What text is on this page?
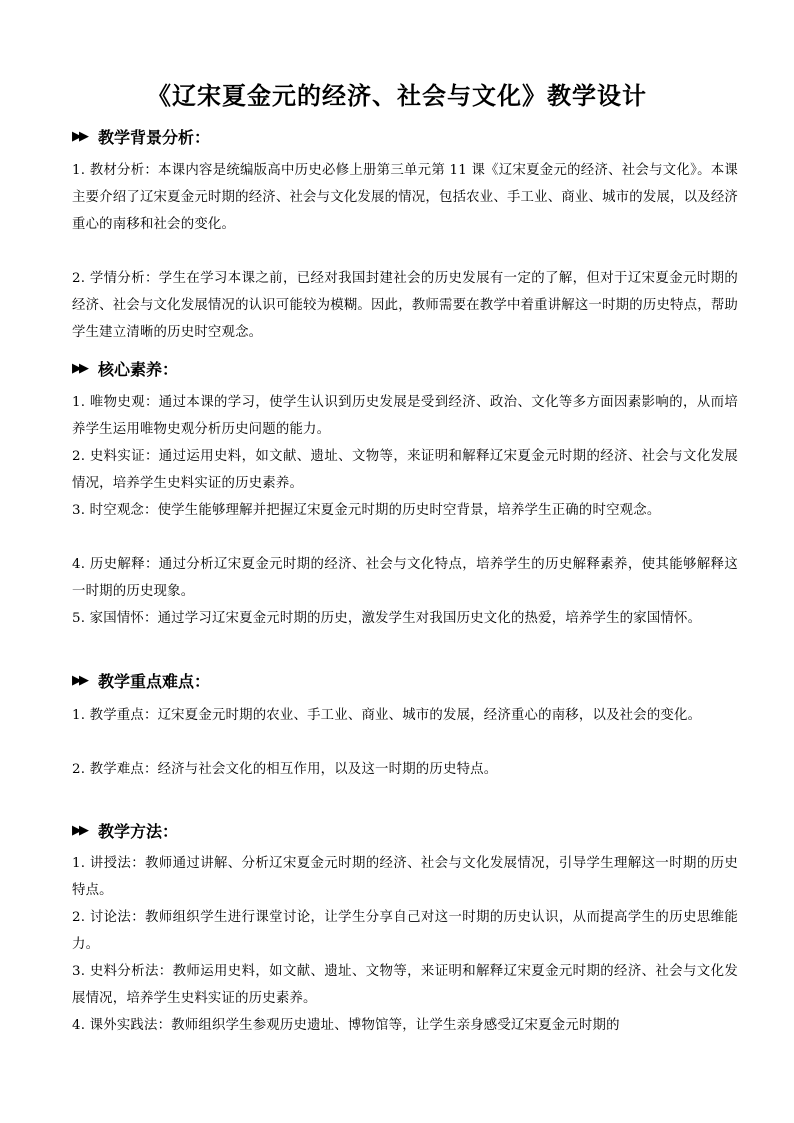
《辽宋夏金元的经济、社会与文化》教学设计
▶▶ 教学背景分析：
1. 教材分析：本课内容是统编版高中历史必修上册第三单元第 11 课《辽宋夏金元的经济、社会与文化》。本课主要介绍了辽宋夏金元时期的经济、社会与文化发展的情况，包括农业、手工业、商业、城市的发展，以及经济重心的南移和社会的变化。
2. 学情分析：学生在学习本课之前，已经对我国封建社会的历史发展有一定的了解，但对于辽宋夏金元时期的经济、社会与文化发展情况的认识可能较为模糊。因此，教师需要在教学中着重讲解这一时期的历史特点，帮助学生建立清晰的历史时空观念。
▶▶ 核心素养：
1. 唯物史观：通过本课的学习，使学生认识到历史发展是受到经济、政治、文化等多方面因素影响的，从而培养学生运用唯物史观分析历史问题的能力。
2. 史料实证：通过运用史料，如文献、遗址、文物等，来证明和解释辽宋夏金元时期的经济、社会与文化发展情况，培养学生史料实证的历史素养。
3. 时空观念：使学生能够理解并把握辽宋夏金元时期的历史时空背景，培养学生正确的时空观念。
4. 历史解释：通过分析辽宋夏金元时期的经济、社会与文化特点，培养学生的历史解释素养，使其能够解释这一时期的历史现象。
5. 家国情怀：通过学习辽宋夏金元时期的历史，激发学生对我国历史文化的热爱，培养学生的家国情怀。
▶▶ 教学重点难点：
1. 教学重点：辽宋夏金元时期的农业、手工业、商业、城市的发展，经济重心的南移，以及社会的变化。
2. 教学难点：经济与社会文化的相互作用，以及这一时期的历史特点。
▶▶ 教学方法：
1. 讲授法：教师通过讲解、分析辽宋夏金元时期的经济、社会与文化发展情况，引导学生理解这一时期的历史特点。
2. 讨论法：教师组织学生进行课堂讨论，让学生分享自己对这一时期的历史认识，从而提高学生的历史思维能力。
3. 史料分析法：教师运用史料，如文献、遗址、文物等，来证明和解释辽宋夏金元时期的经济、社会与文化发展情况，培养学生史料实证的历史素养。
4. 课外实践法：教师组织学生参观历史遗址、博物馆等，让学生亲身感受辽宋夏金元时期的
